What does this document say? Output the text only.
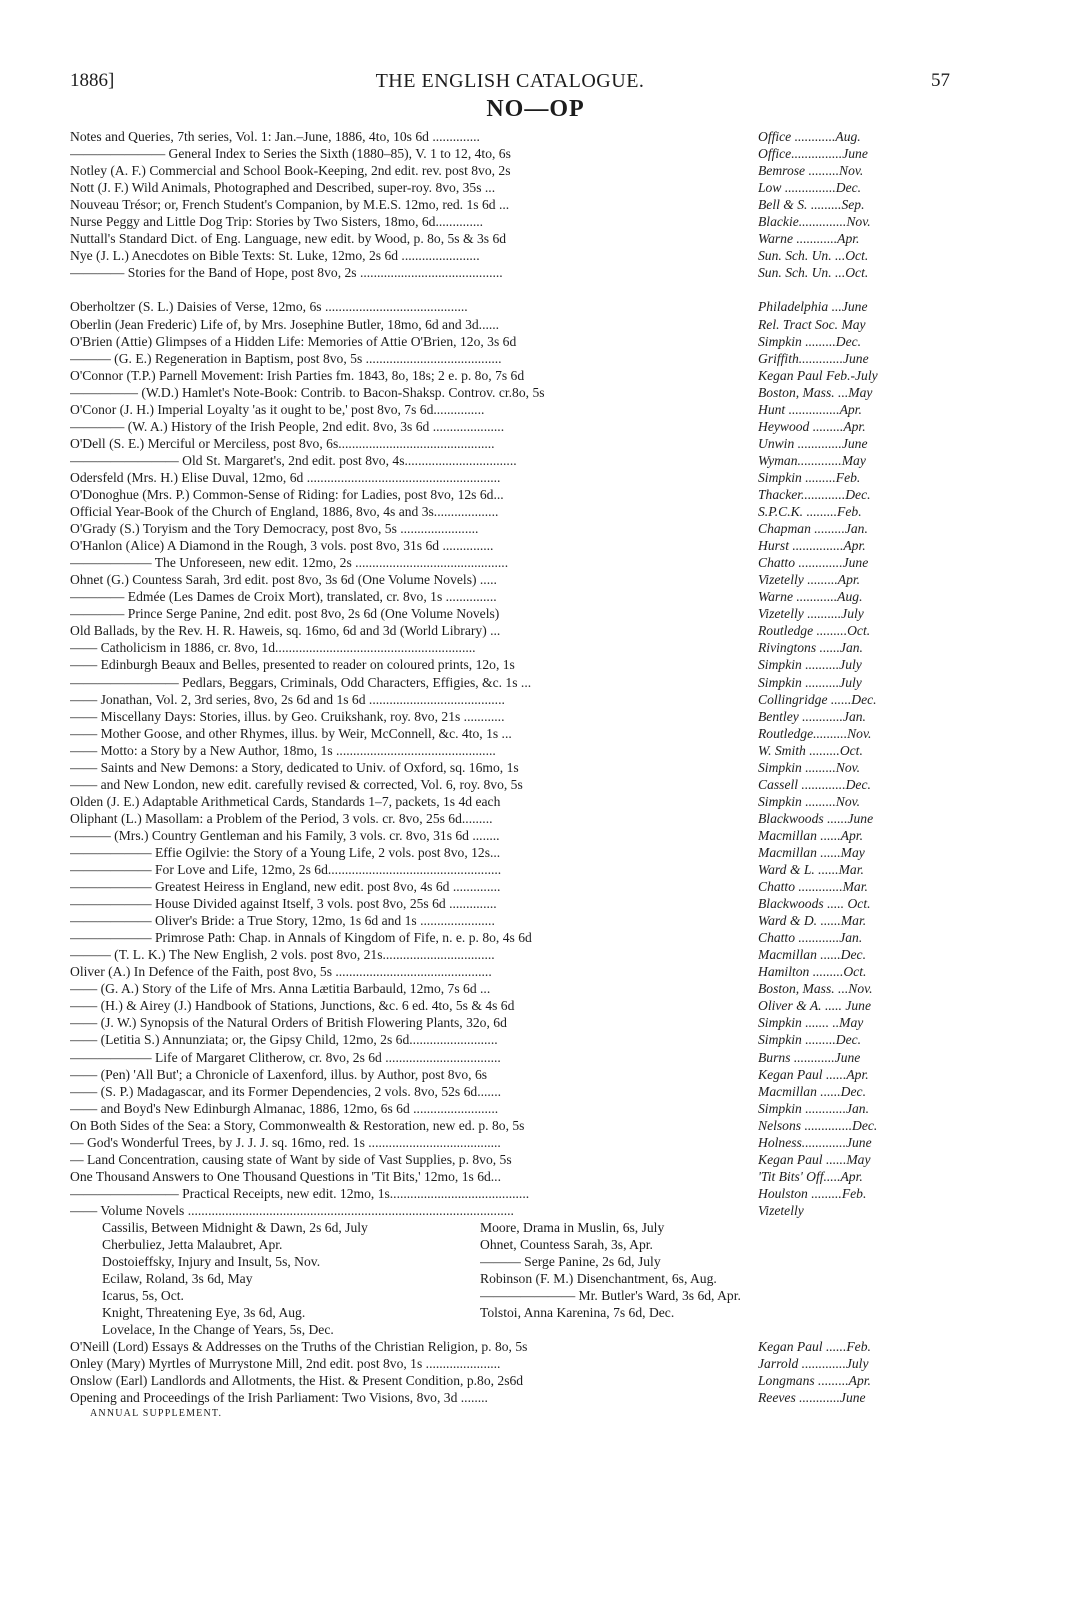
1886]	THE ENGLISH CATALOGUE.	57
NO—OP
Notes and Queries, 7th series, Vol. 1: Jan.–June, 1886, 4to, 10s 6d ..............	Office ............Aug.
——————— General Index to Series the Sixth (1880–85), V. 1 to 12, 4to, 6s	Office...............June
Notley (A. F.) Commercial and School Book-Keeping, 2nd edit. rev. post 8vo, 2s	Bemrose .........Nov.
Nott (J. F.) Wild Animals, Photographed and Described, super-roy. 8vo, 35s ...	Low ...............Dec.
Nouveau Trésor; or, French Student's Companion, by M.E.S. 12mo, red. 1s 6d ...	Bell & S. .........Sep.
Nurse Peggy and Little Dog Trip: Stories by Two Sisters, 18mo, 6d..............	Blackie..............Nov.
Nuttall's Standard Dict. of Eng. Language, new edit. by Wood, p. 8o, 5s & 3s 6d	Warne ............Apr.
Nye (J. L.) Anecdotes on Bible Texts: St. Luke, 12mo, 2s 6d .......................	Sun. Sch. Un. ...Oct.
———— Stories for the Band of Hope, post 8vo, 2s ..........................................	Sun. Sch. Un. ...Oct.
Oberholtzer (S. L.) Daisies of Verse, 12mo, 6s ..........................................	Philadelphia ...June
Oberlin (Jean Frederic) Life of, by Mrs. Josephine Butler, 18mo, 6d and 3d......	Rel. Tract Soc. May
O'Brien (Attie) Glimpses of a Hidden Life: Memories of Attie O'Brien, 12o, 3s 6d	Simpkin .........Dec.
——— (G. E.) Regeneration in Baptism, post 8vo, 5s ........................................	Griffith.............June
O'Connor (T.P.) Parnell Movement: Irish Parties fm. 1843, 8o, 18s; 2 e. p. 8o, 7s 6d	Kegan Paul Feb.-July
————— (W.D.) Hamlet's Note-Book: Contrib. to Bacon-Shaksp. Controv. cr.8o, 5s	Boston, Mass. ...May
O'Conor (J. H.) Imperial Loyalty 'as it ought to be,' post 8vo, 7s 6d...............	Hunt ...............Apr.
———— (W. A.) History of the Irish People, 2nd edit. 8vo, 3s 6d .....................	Heywood .........Apr.
O'Dell (S. E.) Merciful or Merciless, post 8vo, 6s..............................................	Unwin .............June
———————— Old St. Margaret's, 2nd edit. post 8vo, 4s.................................	Wyman.............May
Odersfeld (Mrs. H.) Elise Duval, 12mo, 6d .........................................................	Simpkin .........Feb.
O'Donoghue (Mrs. P.) Common-Sense of Riding: for Ladies, post 8vo, 12s 6d...	Thacker.............Dec.
Official Year-Book of the Church of England, 1886, 8vo, 4s and 3s...................	S.P.C.K. .........Feb.
O'Grady (S.) Toryism and the Tory Democracy, post 8vo, 5s .......................	Chapman .........Jan.
O'Hanlon (Alice) A Diamond in the Rough, 3 vols. post 8vo, 31s 6d ...............	Hurst ...............Apr.
—————— The Unforeseen, new edit. 12mo, 2s .............................................	Chatto .............June
Ohnet (G.) Countess Sarah, 3rd edit. post 8vo, 3s 6d (One Volume Novels) .....	Vizetelly .........Apr.
———— Edmée (Les Dames de Croix Mort), translated, cr. 8vo, 1s ...............	Warne ............Aug.
———— Prince Serge Panine, 2nd edit. post 8vo, 2s 6d (One Volume Novels)	Vizetelly ..........July
Old Ballads, by the Rev. H. R. Haweis, sq. 16mo, 6d and 3d (World Library) ...	Routledge .........Oct.
—— Catholicism in 1886, cr. 8vo, 1d...........................................................	Rivingtons ......Jan.
—— Edinburgh Beaux and Belles, presented to reader on coloured prints, 12o, 1s	Simpkin ..........July
———————— Pedlars, Beggars, Criminals, Odd Characters, Effigies, &c. 1s ...	Simpkin ..........July
—— Jonathan, Vol. 2, 3rd series, 8vo, 2s 6d and 1s 6d ........................................	Collingridge ......Dec.
—— Miscellany Days: Stories, illus. by Geo. Cruikshank, roy. 8vo, 21s ............	Bentley ............Jan.
—— Mother Goose, and other Rhymes, illus. by Weir, McConnell, &c. 4to, 1s ...	Routledge..........Nov.
—— Motto: a Story by a New Author, 18mo, 1s ...............................................	W. Smith .........Oct.
—— Saints and New Demons: a Story, dedicated to Univ. of Oxford, sq. 16mo, 1s	Simpkin .........Nov.
—— and New London, new edit. carefully revised & corrected, Vol. 6, roy. 8vo, 5s	Cassell .............Dec.
Olden (J. E.) Adaptable Arithmetical Cards, Standards 1–7, packets, 1s 4d each	Simpkin .........Nov.
Oliphant (L.) Masollam: a Problem of the Period, 3 vols. cr. 8vo, 25s 6d.........	Blackwoods ......June
——— (Mrs.) Country Gentleman and his Family, 3 vols. cr. 8vo, 31s 6d ........	Macmillan ......Apr.
—————— Effie Ogilvie: the Story of a Young Life, 2 vols. post 8vo, 12s...	Macmillan ......May
—————— For Love and Life, 12mo, 2s 6d...................................................	Ward & L. ......Mar.
—————— Greatest Heiress in England, new edit. post 8vo, 4s 6d ..............	Chatto .............Mar.
—————— House Divided against Itself, 3 vols. post 8vo, 25s 6d ..............	Blackwoods ..... Oct.
—————— Oliver's Bride: a True Story, 12mo, 1s 6d and 1s ......................	Ward & D. ......Mar.
—————— Primrose Path: Chap. in Annals of Kingdom of Fife, n. e. p. 8o, 4s 6d	Chatto ............Jan.
——— (T. L. K.) The New English, 2 vols. post 8vo, 21s.................................	Macmillan ......Dec.
Oliver (A.) In Defence of the Faith, post 8vo, 5s ..............................................	Hamilton .........Oct.
—— (G. A.) Story of the Life of Mrs. Anna Lætitia Barbauld, 12mo, 7s 6d ...	Boston, Mass. ...Nov.
—— (H.) & Airey (J.) Handbook of Stations, Junctions, &c. 6 ed. 4to, 5s & 4s 6d	Oliver & A. ..... June
—— (J. W.) Synopsis of the Natural Orders of British Flowering Plants, 32o, 6d	Simpkin ....... ..May
—— (Letitia S.) Annunziata; or, the Gipsy Child, 12mo, 2s 6d..........................	Simpkin .........Dec.
—————— Life of Margaret Clitherow, cr. 8vo, 2s 6d ..................................	Burns ............June
—— (Pen) 'All But'; a Chronicle of Laxenford, illus. by Author, post 8vo, 6s	Kegan Paul ......Apr.
—— (S. P.) Madagascar, and its Former Dependencies, 2 vols. 8vo, 52s 6d.......	Macmillan ......Dec.
—— and Boyd's New Edinburgh Almanac, 1886, 12mo, 6s 6d .........................	Simpkin ............Jan.
On Both Sides of the Sea: a Story, Commonwealth & Restoration, new ed. p. 8o, 5s	Nelsons ..............Dec.
— God's Wonderful Trees, by J. J. J. sq. 16mo, red. 1s .......................................	Holness.............June
— Land Concentration, causing state of Want by side of Vast Supplies, p. 8vo, 5s	Kegan Paul ......May
One Thousand Answers to One Thousand Questions in 'Tit Bits,' 12mo, 1s 6d...	'Tit Bits' Off.....Apr.
———————— Practical Receipts, new edit. 12mo, 1s.........................................	Houlston .........Feb.
—— Volume Novels ................................................................................................	Vizetelly
Cassilis, Between Midnight & Dawn, 2s 6d, July	Moore, Drama in Muslin, 6s, July
Cherbuliez, Jetta Malaubret, Apr.	Ohnet, Countess Sarah, 3s, Apr.
Dostoieffsky, Injury and Insult, 5s, Nov.	——— Serge Panine, 2s 6d, July
Ecilaw, Roland, 3s 6d, May	Robinson (F. M.) Disenchantment, 6s, Aug.
Icarus, 5s, Oct.	——————— Mr. Butler's Ward, 3s 6d, Apr.
Knight, Threatening Eye, 3s 6d, Aug.	Tolstoi, Anna Karenina, 7s 6d, Dec.
Lovelace, In the Change of Years, 5s, Dec.
O'Neill (Lord) Essays & Addresses on the Truths of the Christian Religion, p. 8o, 5s	Kegan Paul ......Feb.
Onley (Mary) Myrtles of Murrystone Mill, 2nd edit. post 8vo, 1s ......................	Jarrold .............July
Onslow (Earl) Landlords and Allotments, the Hist. & Present Condition, p.8o, 2s6d	Longmans .........Apr.
Opening and Proceedings of the Irish Parliament: Two Visions, 8vo, 3d ........	Reeves ............June
ANNUAL SUPPLEMENT.
